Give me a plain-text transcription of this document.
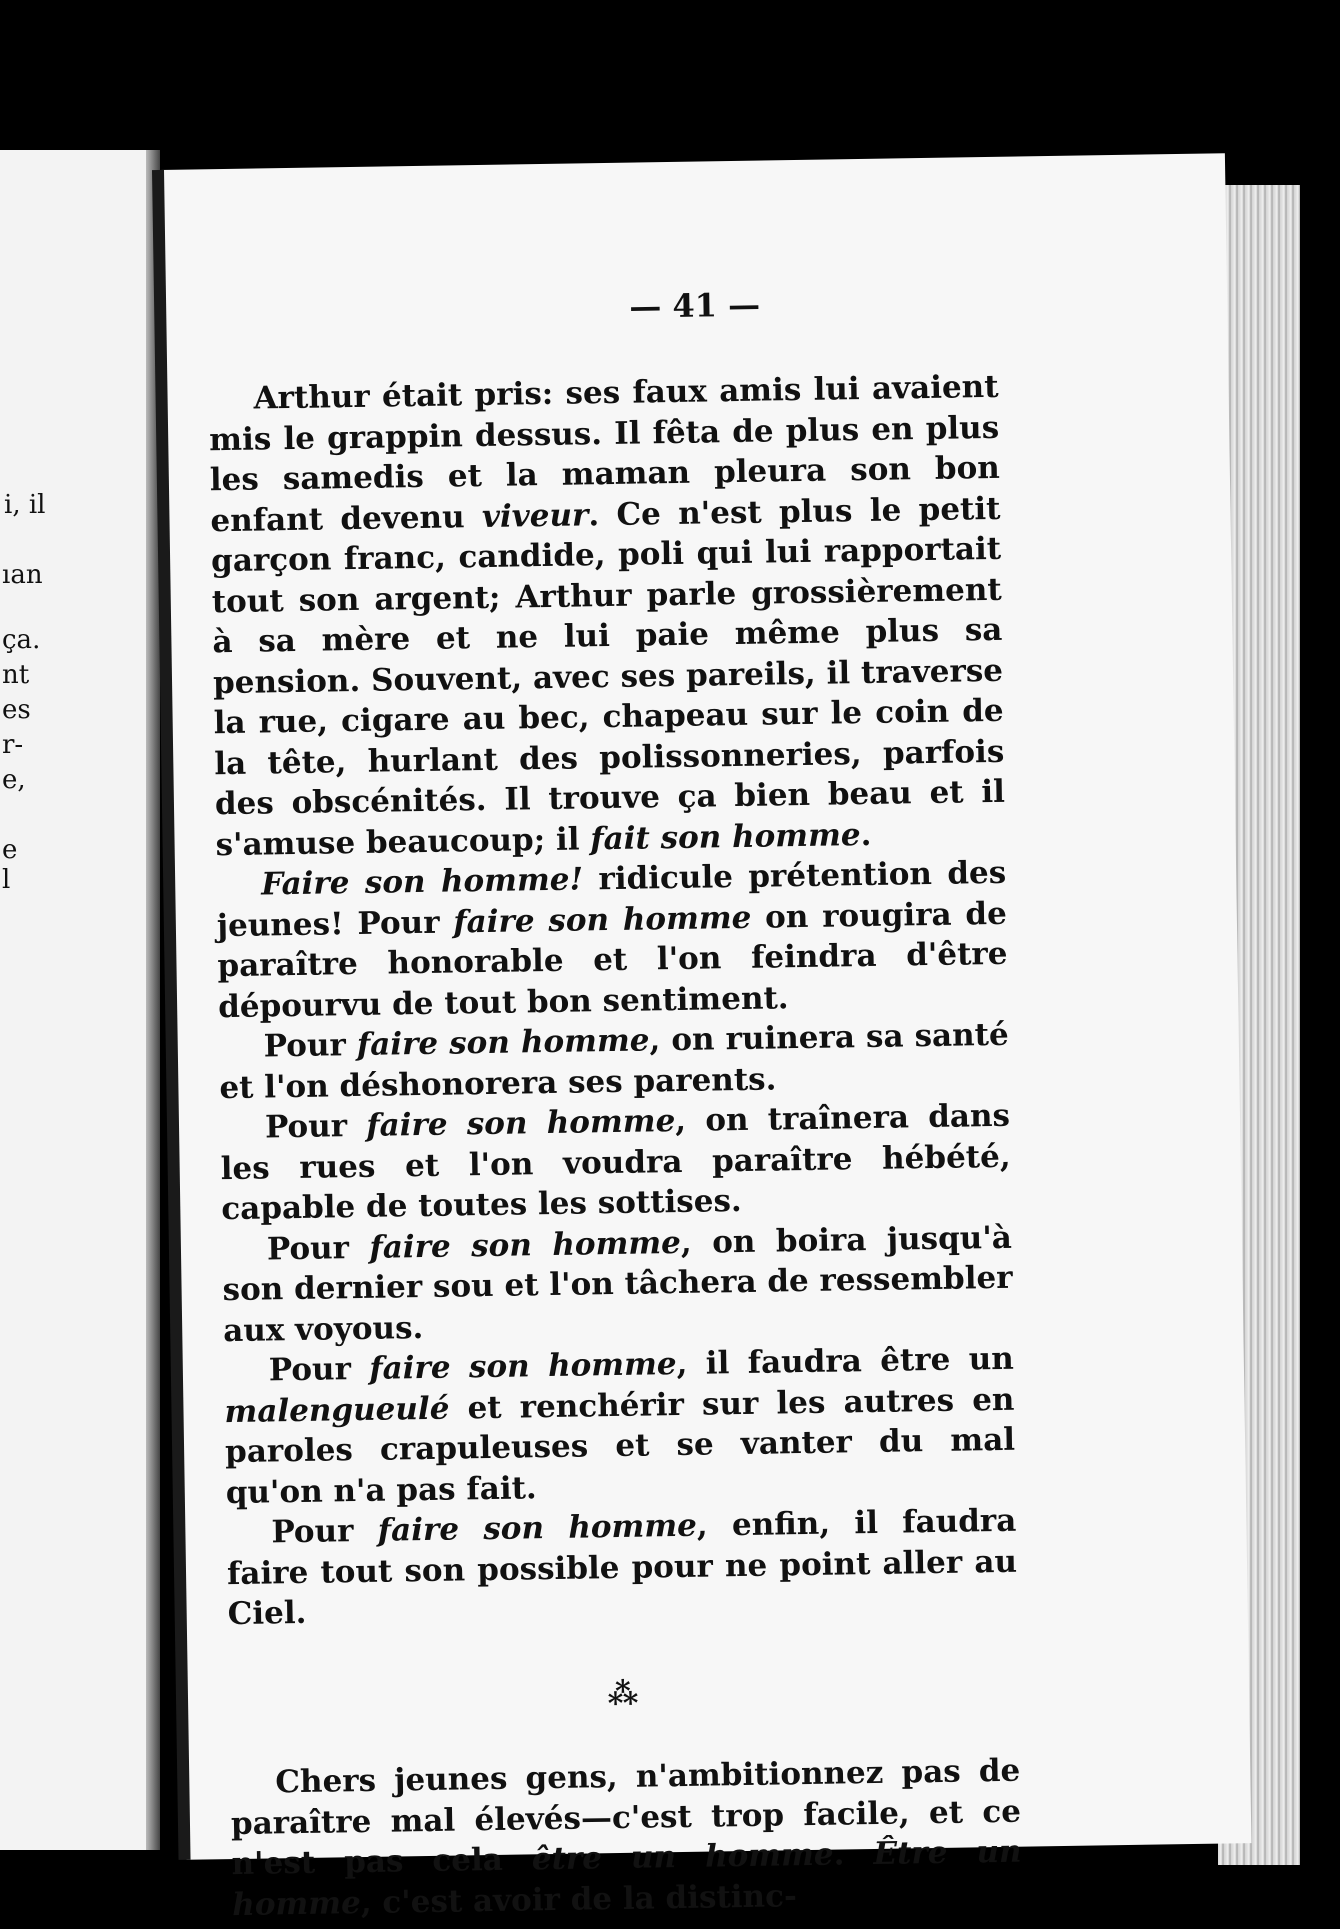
i, il
ıan
ça.
nt
es
r-
e,
e
l
— 41 —

Arthur était pris: ses faux amis lui avaient mis le grappin dessus. Il fêta de plus en plus les samedis et la maman pleura son bon enfant devenu viveur. Ce n'est plus le petit garçon franc, candide, poli qui lui rapportait tout son argent; Arthur parle grossièrement à sa mère et ne lui paie même plus sa pension. Souvent, avec ses pareils, il traverse la rue, cigare au bec, chapeau sur le coin de la tête, hurlant des polissonneries, parfois des obscénités. Il trouve ça bien beau et il s'amuse beaucoup; il fait son homme.

Faire son homme! ridicule prétention des jeunes! Pour faire son homme on rougira de paraître honorable et l'on feindra d'être dépourvu de tout bon sentiment.

Pour faire son homme, on ruinera sa santé et l'on déshonorera ses parents.

Pour faire son homme, on traînera dans les rues et l'on voudra paraître hébété, capable de toutes les sottises.

Pour faire son homme, on boira jusqu'à son dernier sou et l'on tâchera de ressembler aux voyous.

Pour faire son homme, il faudra être un malengueulé et renchérir sur les autres en paroles crapuleuses et se vanter du mal qu'on n'a pas fait.

Pour faire son homme, enfin, il faudra faire tout son possible pour ne point aller au Ciel.

⁂

Chers jeunes gens, n'ambitionnez pas de paraître mal élevés—c'est trop facile, et ce n'est pas cela être un homme. Être un homme, c'est avoir de la distinc-
